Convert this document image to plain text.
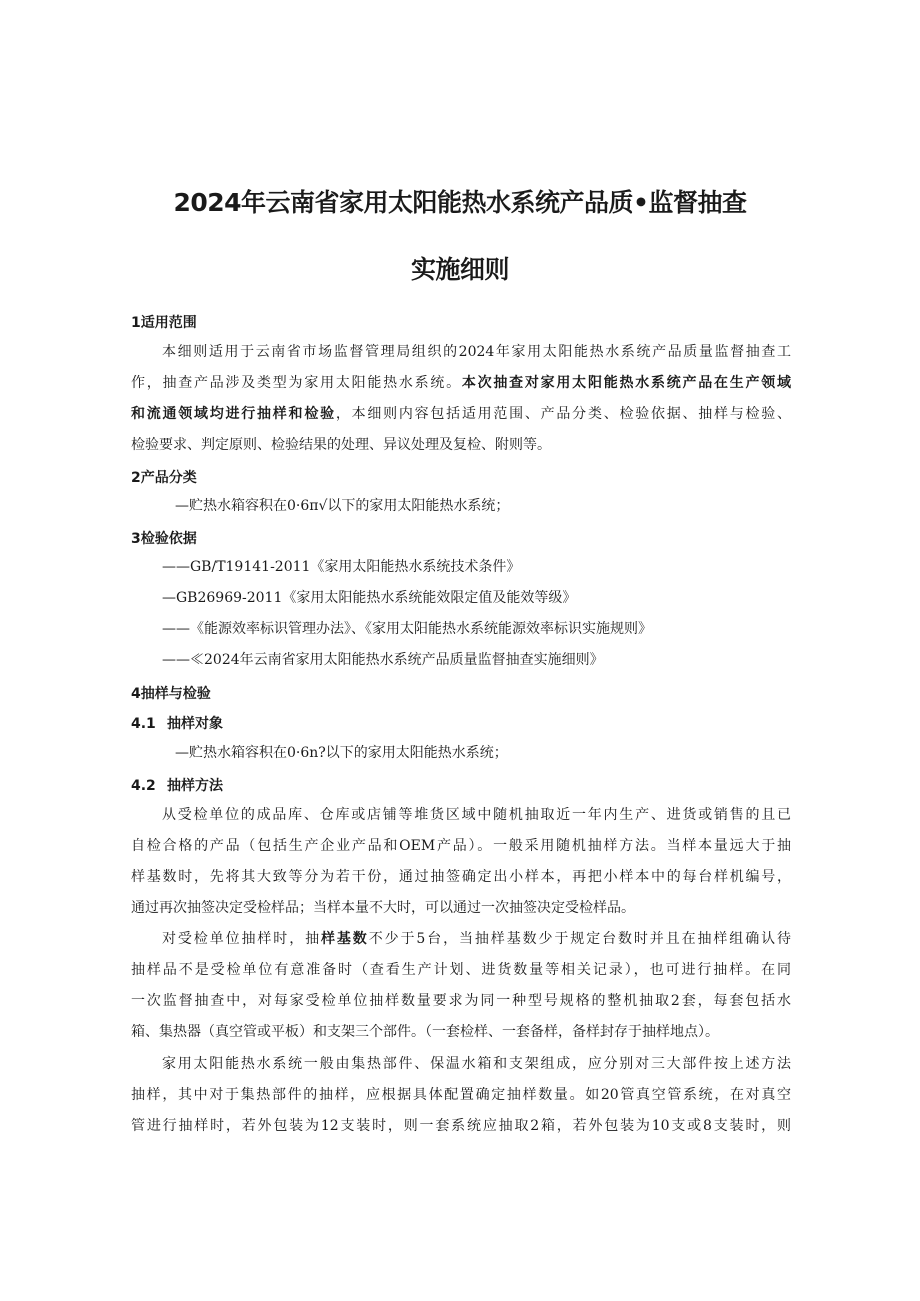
2024年云南省家用太阳能热水系统产品质•监督抽查
实施细则
1适用范围
本细则适用于云南省市场监督管理局组织的2024年家用太阳能热水系统产品质量监督抽查工
作，抽查产品涉及类型为家用太阳能热水系统。本次抽查对家用太阳能热水系统产品在生产领域
和流通领域均进行抽样和检验，本细则内容包括适用范围、产品分类、检验依据、抽样与检验、
检验要求、判定原则、检验结果的处理、异议处理及复检、附则等。
2产品分类
—贮热水箱容积在0·6π√以下的家用太阳能热水系统；
3检验依据
——GB/T19141-2011《家用太阳能热水系统技术条件》
—GB26969-2011《家用太阳能热水系统能效限定值及能效等级》
——《能源效率标识管理办法》、《家用太阳能热水系统能源效率标识实施规则》
——≪2024年云南省家用太阳能热水系统产品质量监督抽查实施细则》
4抽样与检验
4.1 抽样对象
—贮热水箱容积在0·6n?以下的家用太阳能热水系统；
4.2 抽样方法
从受检单位的成品库、仓库或店铺等堆货区域中随机抽取近一年内生产、进货或销售的且已
自检合格的产品（包括生产企业产品和OEM产品）。一般采用随机抽样方法。当样本量远大于抽
样基数时，先将其大致等分为若干份，通过抽签确定出小样本，再把小样本中的每台样机编号，
通过再次抽签决定受检样品；当样本量不大时，可以通过一次抽签决定受检样品。
对受检单位抽样时，抽样基数不少于5台，当抽样基数少于规定台数时并且在抽样组确认待
抽样品不是受检单位有意准备时（查看生产计划、进货数量等相关记录），也可进行抽样。在同
一次监督抽查中，对每家受检单位抽样数量要求为同一种型号规格的整机抽取2套，每套包括水
箱、集热器（真空管或平板）和支架三个部件。（一套检样、一套备样，备样封存于抽样地点）。
家用太阳能热水系统一般由集热部件、保温水箱和支架组成，应分别对三大部件按上述方法
抽样，其中对于集热部件的抽样，应根据具体配置确定抽样数量。如20管真空管系统，在对真空
管进行抽样时，若外包装为12支装时，则一套系统应抽取2箱，若外包装为10支或8支装时，则
